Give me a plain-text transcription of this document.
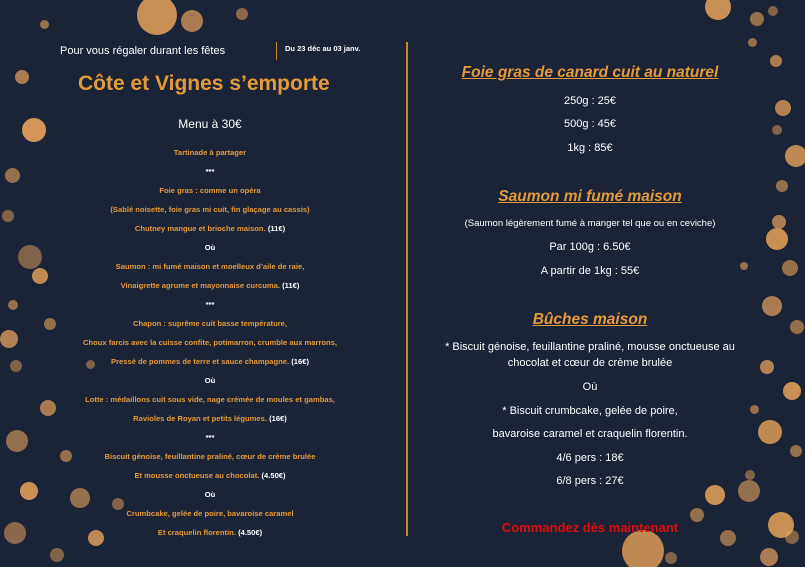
Pour vous régaler durant les fêtes	Du 23 déc au 03 janv.
Côte et Vignes s’emporte
Menu à 30€
Tartinade à partager
***
Foie gras : comme un opéra
(Sablé noisette, foie gras mi cuit, fin glaçage au cassis)
Chutney mangue et brioche maison. (11€)
Où
Saumon : mi fumé maison et moelleux d’aile de raie,
Vinaigrette agrume et mayonnaise curcuma. (11€)
***
Chapon : suprême cuit basse température,
Choux farcis avec la cuisse confite, potimarron, crumble aux marrons,
Pressé de pommes de terre et sauce champagne. (16€)
Où
Lotte : médaillons cuit sous vide, nage crémée de moules et gambas,
Ravioles de Royan et petits légumes. (16€)
***
Biscuit génoise, feuillantine praliné, cœur de crème brulée
Et mousse onctueuse au chocolat. (4.50€)
Où
Crumbcake, gelée de poire, bavaroise caramel
Et craquelin florentin. (4.50€)
Foie gras de canard cuit au naturel
250g : 25€
500g : 45€
1kg : 85€
Saumon mi fumé maison
(Saumon légèrement fumé à manger tel que ou en ceviche)
Par 100g : 6.50€
A partir de 1kg : 55€
Bûches maison
* Biscuit génoise, feuillantine praliné, mousse onctueuse au
chocolat et cœur de crème brulée
Où
* Biscuit crumbcake, gelée de poire,
bavaroise caramel et craquelin florentin.
4/6 pers : 18€
6/8 pers : 27€
Commandez dès maintenant
